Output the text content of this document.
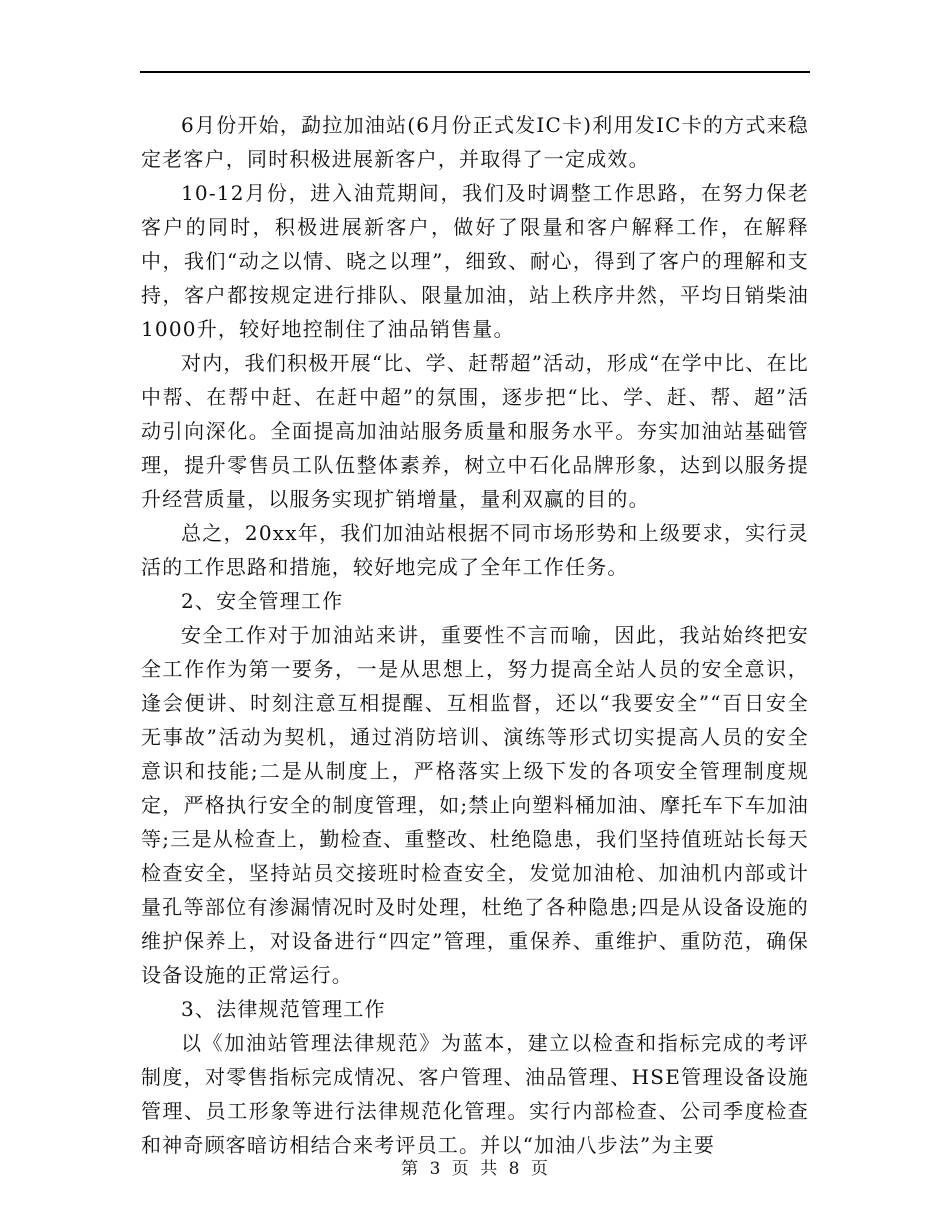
6月份开始，勐拉加油站(6月份正式发IC卡)利用发IC卡的方式来稳定老客户，同时积极进展新客户，并取得了一定成效。

10-12月份，进入油荒期间，我们及时调整工作思路，在努力保老客户的同时，积极进展新客户，做好了限量和客户解释工作，在解释中，我们“动之以情、晓之以理”，细致、耐心，得到了客户的理解和支持，客户都按规定进行排队、限量加油，站上秩序井然，平均日销柴油1000升，较好地控制住了油品销售量。

对内，我们积极开展“比、学、赶帮超”活动，形成“在学中比、在比中帮、在帮中赶、在赶中超”的氛围，逐步把“比、学、赶、帮、超”活动引向深化。全面提高加油站服务质量和服务水平。夯实加油站基础管理，提升零售员工队伍整体素养，树立中石化品牌形象，达到以服务提升经营质量，以服务实现扩销增量，量利双赢的目的。

总之，20xx年，我们加油站根据不同市场形势和上级要求，实行灵活的工作思路和措施，较好地完成了全年工作任务。

2、安全管理工作

安全工作对于加油站来讲，重要性不言而喻，因此，我站始终把安全工作作为第一要务，一是从思想上，努力提高全站人员的安全意识，逢会便讲、时刻注意互相提醒、互相监督，还以“我要安全”“百日安全无事故”活动为契机，通过消防培训、演练等形式切实提高人员的安全意识和技能;二是从制度上，严格落实上级下发的各项安全管理制度规定，严格执行安全的制度管理，如;禁止向塑料桶加油、摩托车下车加油等;三是从检查上，勤检查、重整改、杜绝隐患，我们坚持值班站长每天检查安全，坚持站员交接班时检查安全，发觉加油枪、加油机内部或计量孔等部位有渗漏情况时及时处理，杜绝了各种隐患;四是从设备设施的维护保养上，对设备进行“四定”管理，重保养、重维护、重防范，确保设备设施的正常运行。

3、法律规范管理工作

以《加油站管理法律规范》为蓝本，建立以检查和指标完成的考评制度，对零售指标完成情况、客户管理、油品管理、HSE管理设备设施管理、员工形象等进行法律规范化管理。实行内部检查、公司季度检查和神奇顾客暗访相结合来考评员工。并以“加油八步法”为主要

第 3 页 共 8 页
